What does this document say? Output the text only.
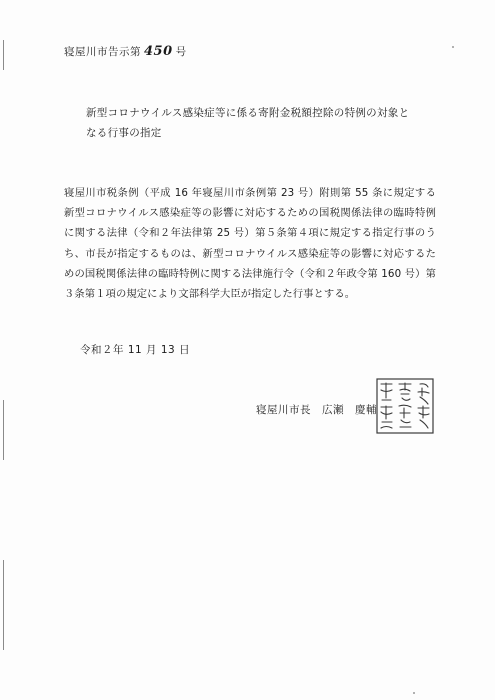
寝屋川市告示第 450 号
新型コロナウイルス感染症等に係る寄附金税額控除の特例の対象となる行事の指定
寝屋川市税条例（平成 16 年寝屋川市条例第 23 号）附則第 55 条に規定する新型コロナウイルス感染症等の影響に対応するための国税関係法律の臨時特例に関する法律（令和２年法律第 25 号）第５条第４項に規定する指定行事のうち、市長が指定するものは、新型コロナウイルス感染症等の影響に対応するための国税関係法律の臨時特例に関する法律施行令（令和２年政令第 160 号）第３条第１項の規定により文部科学大臣が指定した行事とする。
令和２年 11 月 13 日
寝屋川市長　広瀬　慶輔
